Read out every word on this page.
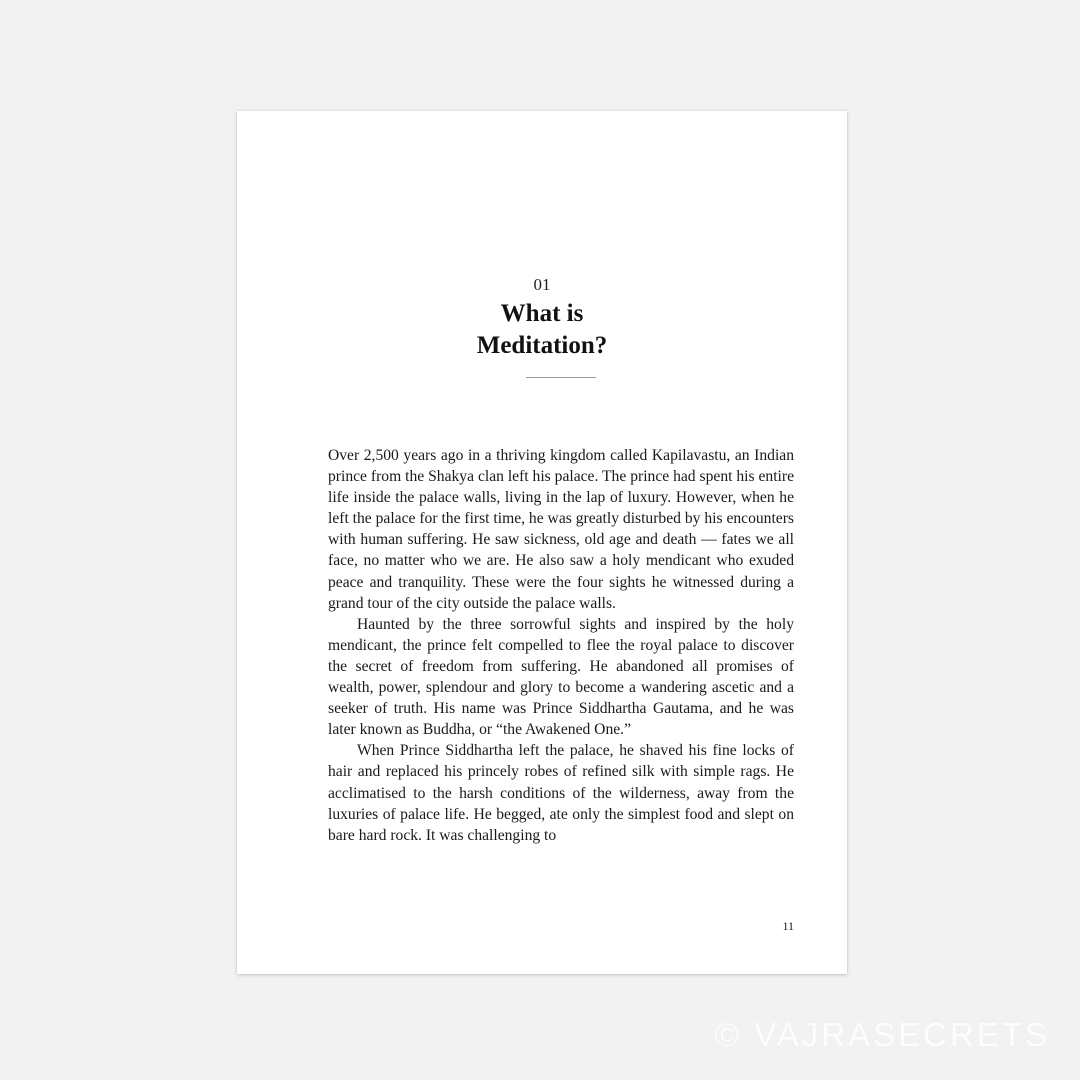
01
What is
Meditation?

Over 2,500 years ago in a thriving kingdom called Kapilavastu, an Indian prince from the Shakya clan left his palace. The prince had spent his entire life inside the palace walls, living in the lap of luxury. However, when he left the palace for the first time, he was greatly disturbed by his encounters with human suffering. He saw sickness, old age and death — fates we all face, no matter who we are. He also saw a holy mendicant who exuded peace and tranquility. These were the four sights he witnessed during a grand tour of the city outside the palace walls.

Haunted by the three sorrowful sights and inspired by the holy mendicant, the prince felt compelled to flee the royal palace to discover the secret of freedom from suffering. He abandoned all promises of wealth, power, splendour and glory to become a wandering ascetic and a seeker of truth. His name was Prince Siddhartha Gautama, and he was later known as Buddha, or “the Awakened One.”

When Prince Siddhartha left the palace, he shaved his fine locks of hair and replaced his princely robes of refined silk with simple rags. He acclimatised to the harsh conditions of the wilderness, away from the luxuries of palace life. He begged, ate only the simplest food and slept on bare hard rock. It was challenging to

11
© VAJRASECRETS
